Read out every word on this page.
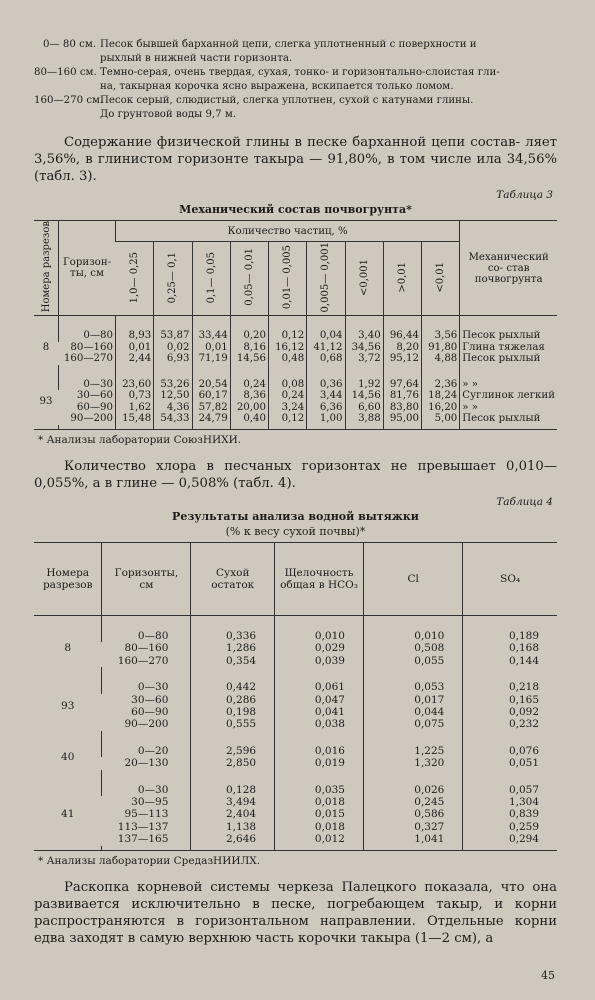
0— 80 см. Песок бывшей барханной цепи, слегка уплотненный с поверхности и
рыхлый в нижней части горизонта.
80—160 см. Темно-серая, очень твердая, сухая, тонко- и горизонтально-слоистая гли-
на, такырная корочка ясно выражена, вскипается только ломом.
160—270 см.
Песок серый, слюдистый, слегка уплотнен, сухой с катунами глины.
До грунтовой воды 9,7 м.

Содержание физической глины в песке барханной цепи состав- ляет 3,56%, в глинистом горизонте такыра — 91,80%, в том числе ила 34,56% (табл. 3).

Таблица 3
Механический состав почвогрунта*
Номера разрезов	Горизон- ты, см	Количество частиц, %									Механический со- став почвогрунта
		1,0— 0,25	0,25— 0,1	0,1— 0,05	0,05— 0,01	0,01— 0,005	0,005— 0,001	<0,001	>0,01	<0,01	

8	0—80	8,93	53,87	33,44	0,20	0,12	0,04	3,40	96,44	3,56	Песок рыхлый
	80—160	0,01	0,02	0,01	8,16	16,12	41,12	34,56	8,20	91,80	Глина тяжелая
	160—270	2,44	6,93	71,19	14,56	0,48	0,68	3,72	95,12	4,88	Песок рыхлый

93	0—30	23,60	53,26	20,54	0,24	0,08	0,36	1,92	97,64	2,36	» »
	30—60	0,73	12,50	60,17	8,36	0,24	3,44	14,56	81,76	18,24	Суглинок легкий
	60—90	1,62	4,36	57,82	20,00	3,24	6,36	6,60	83,80	16,20	» »
	90—200	15,48	54,33	24,79	0,40	0,12	1,00	3,88	95,00	5,00	Песок рыхлый

* Анализы лаборатории СоюзНИХИ.

Количество хлора в песчаных горизонтах не превышает 0,010— 0,055%, а в глине — 0,508% (табл. 4).

Таблица 4
Результаты анализа водной вытяжки
(% к весу сухой почвы)*
Номера разрезов	Горизонты, см	Сухой остаток	Щелочность общая в HCO₃	Cl	SO₄

8	0—80	0,336	0,010	0,010	0,189
	80—160	1,286	0,029	0,508	0,168
	160—270	0,354	0,039	0,055	0,144

93	0—30	0,442	0,061	0,053	0,218
	30—60	0,286	0,047	0,017	0,165
	60—90	0,198	0,041	0,044	0,092
	90—200	0,555	0,038	0,075	0,232

40	0—20	2,596	0,016	1,225	0,076
	20—130	2,850	0,019	1,320	0,051

41	0—30	0,128	0,035	0,026	0,057
	30—95	3,494	0,018	0,245	1,304
	95—113	2,404	0,015	0,586	0,839
	113—137	1,138	0,018	0,327	0,259
	137—165	2,646	0,012	1,041	0,294

* Анализы лаборатории СредазНИИЛХ.

Раскопка корневой системы черкеза Палецкого показала, что она развивается исключительно в песке, погребающем такыр, и корни распространяются в горизонтальном направлении. Отдельные корни едва заходят в самую верхнюю часть корочки такыра (1—2 см), а

45
